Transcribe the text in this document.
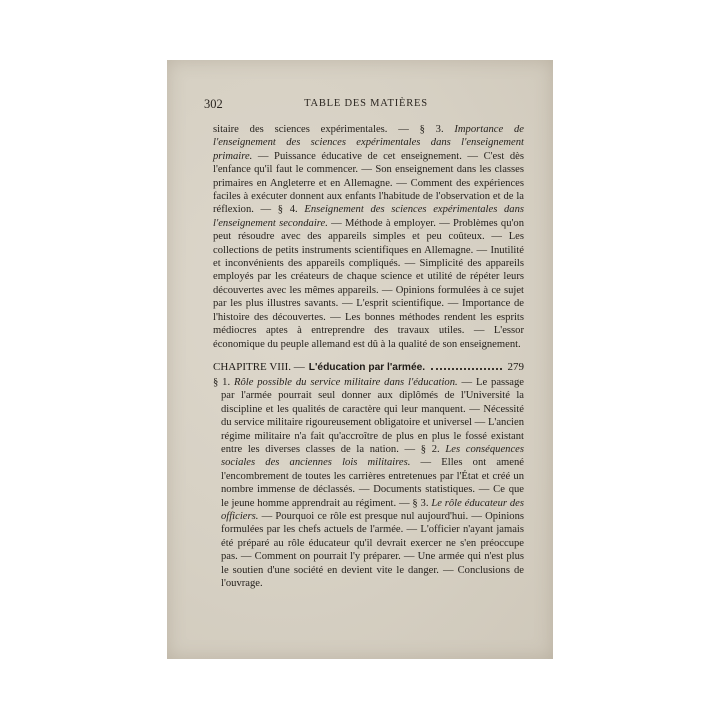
302	TABLE DES MATIÈRES

sitaire des sciences expérimentales. — § 3. Importance de l'enseignement des sciences expérimentales dans l'enseignement primaire. — Puissance éducative de cet enseignement. — C'est dès l'enfance qu'il faut le commencer. — Son enseignement dans les classes primaires en Angleterre et en Allemagne. — Comment des expériences faciles à exécuter donnent aux enfants l'habitude de l'observation et de la réflexion. — § 4. Enseignement des sciences expérimentales dans l'enseignement secondaire. — Méthode à employer. — Problèmes qu'on peut résoudre avec des appareils simples et peu coûteux. — Les collections de petits instruments scientifiques en Allemagne. — Inutilité et inconvénients des appareils compliqués. — Simplicité des appareils employés par les créateurs de chaque science et utilité de répéter leurs découvertes avec les mêmes appareils. — Opinions formulées à ce sujet par les plus illustres savants. — L'esprit scientifique. — Importance de l'histoire des découvertes. — Les bonnes méthodes rendent les esprits médiocres aptes à entreprendre des travaux utiles. — L'essor économique du peuple allemand est dû à la qualité de son enseignement.

CHAPITRE VIII. — L'éducation par l'armée.	279

§ 1. Rôle possible du service militaire dans l'éducation. — Le passage par l'armée pourrait seul donner aux diplômés de l'Université la discipline et les qualités de caractère qui leur manquent. — Nécessité du service militaire rigoureusement obligatoire et universel — L'ancien régime militaire n'a fait qu'accroître de plus en plus le fossé existant entre les diverses classes de la nation. — § 2. Les conséquences sociales des anciennes lois militaires. — Elles ont amené l'encombrement de toutes les carrières entretenues par l'État et créé un nombre immense de déclassés. — Documents statistiques. — Ce que le jeune homme apprendrait au régiment. — § 3. Le rôle éducateur des officiers. — Pourquoi ce rôle est presque nul aujourd'hui. — Opinions formulées par les chefs actuels de l'armée. — L'officier n'ayant jamais été préparé au rôle éducateur qu'il devrait exercer ne s'en préoccupe pas. — Comment on pourrait l'y préparer. — Une armée qui n'est plus le soutien d'une société en devient vite le danger. — Conclusions de l'ouvrage.
